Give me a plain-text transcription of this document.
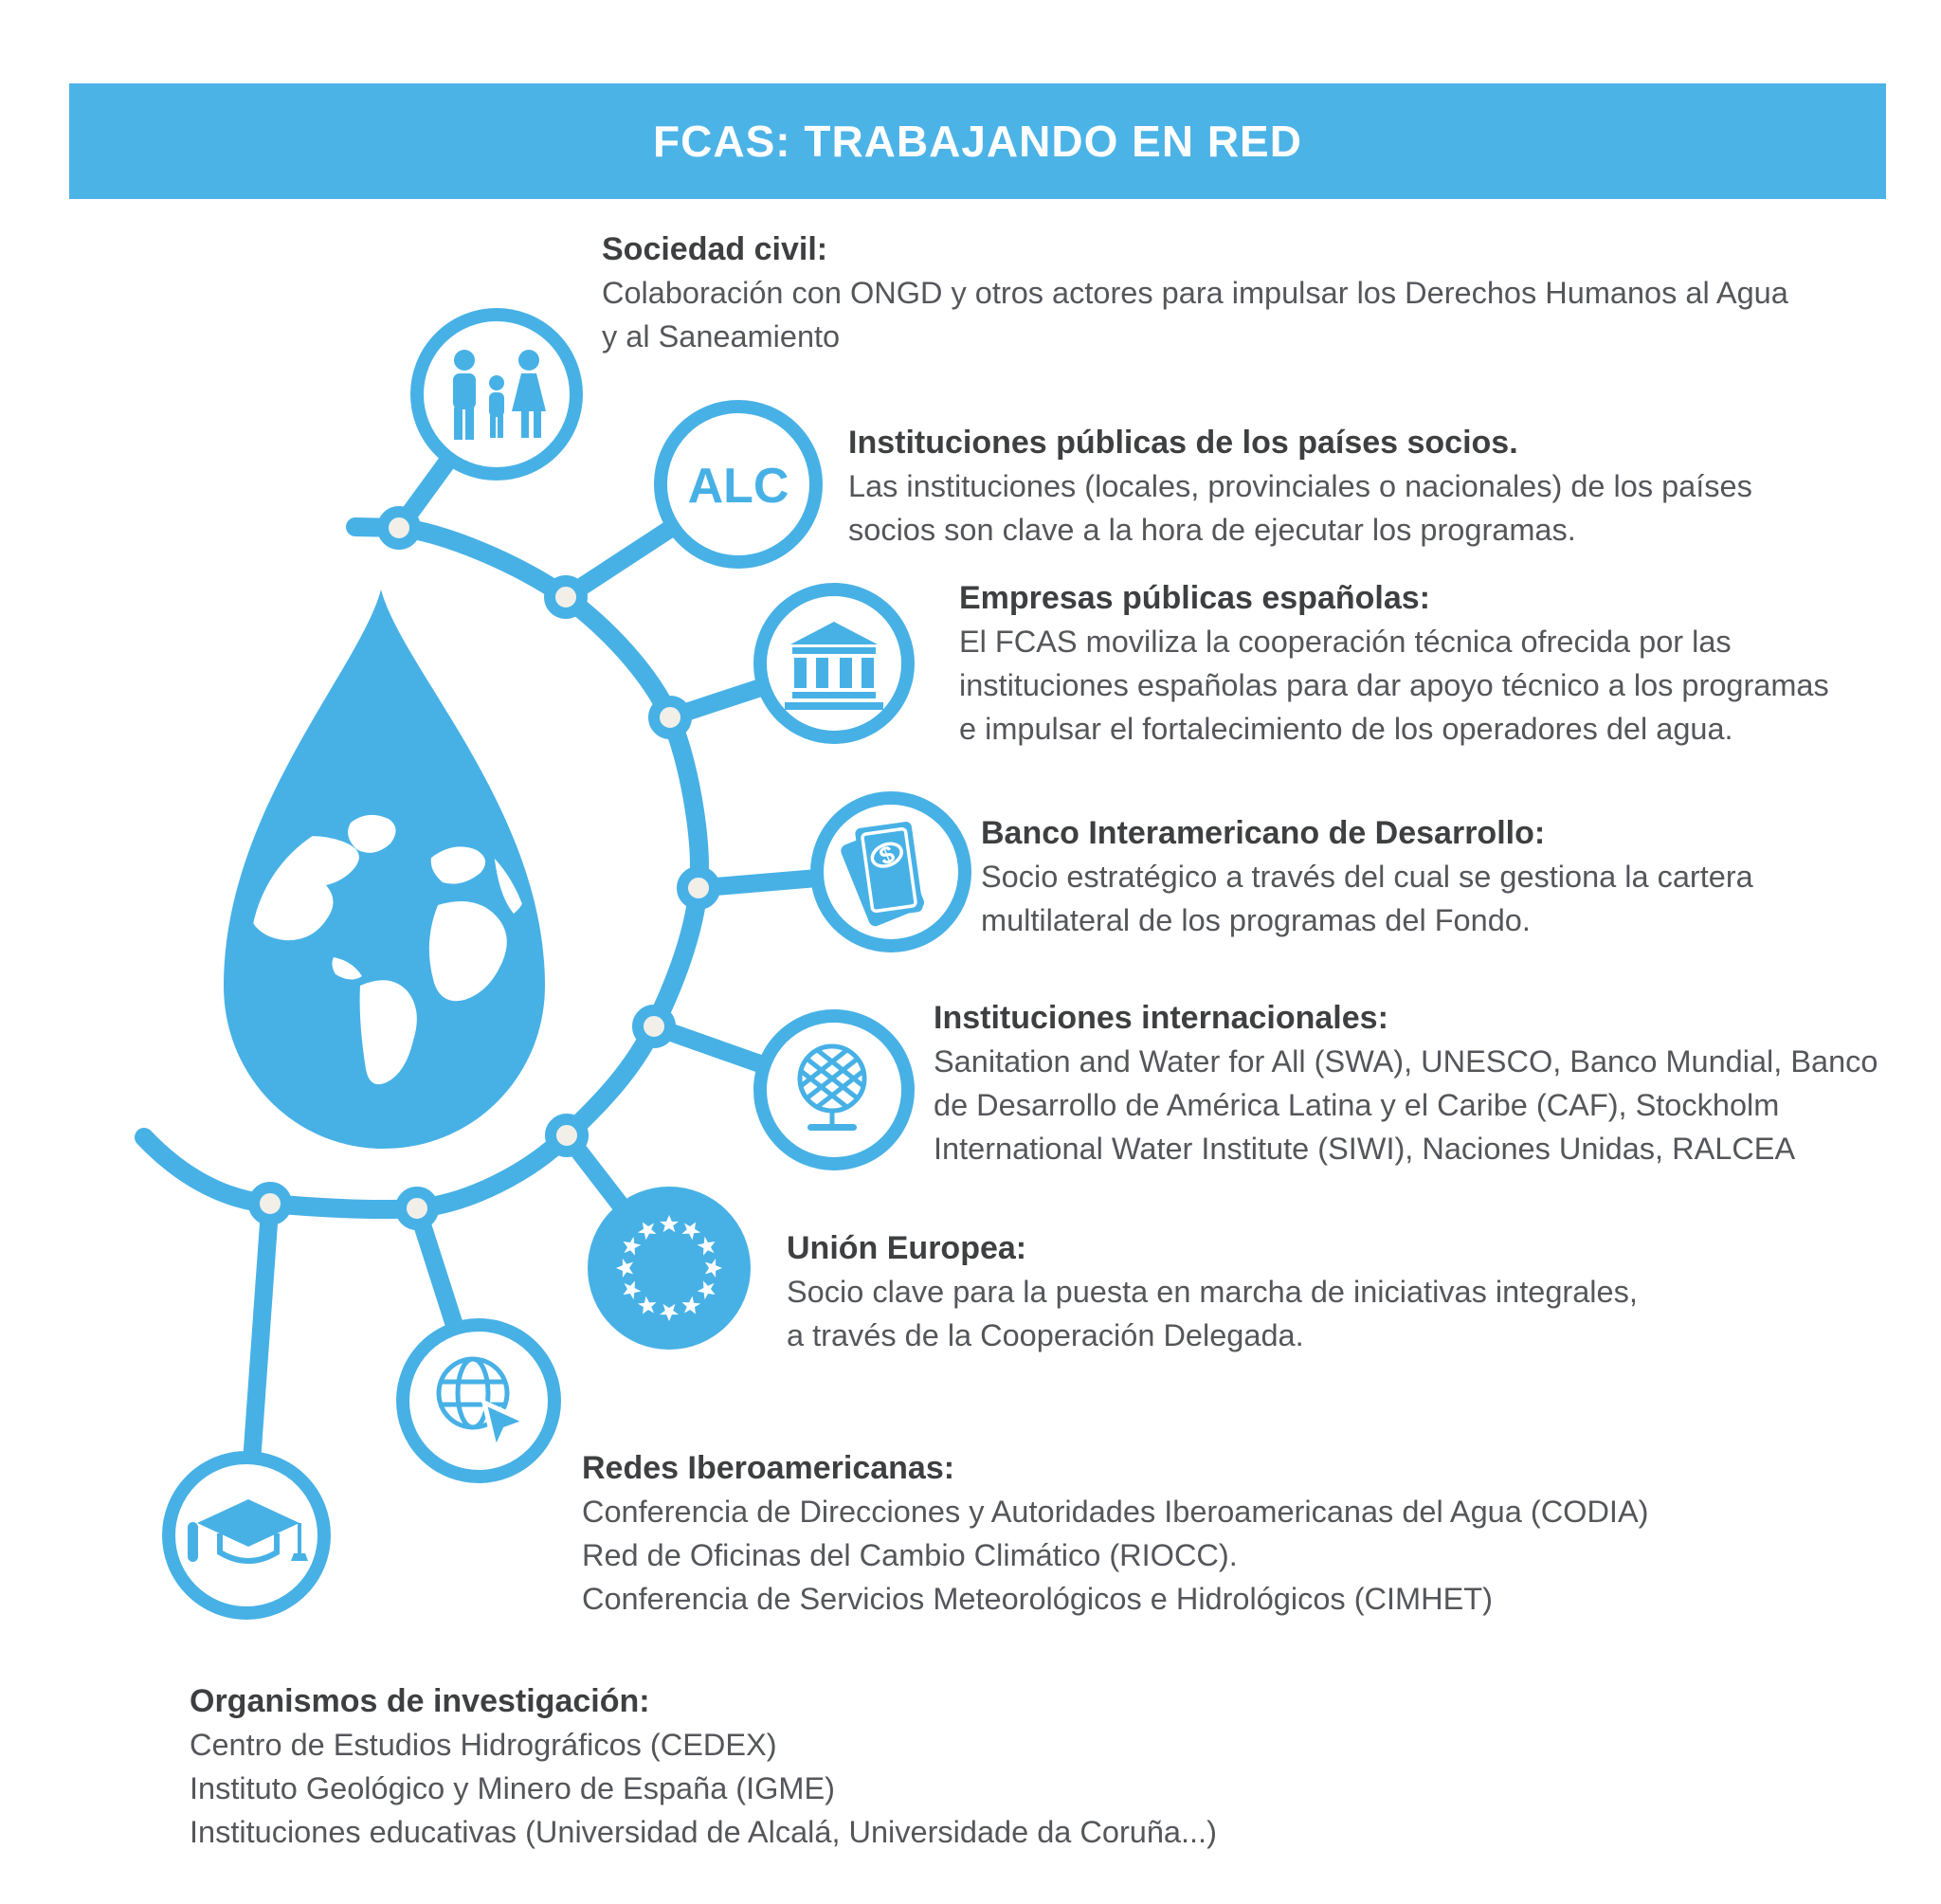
FCAS: TRABAJANDO EN RED
ALC
$
Sociedad civil:
Colaboración con ONGD y otros actores para impulsar los Derechos Humanos al Agua
y al Saneamiento
Instituciones públicas de los países socios.
Las instituciones (locales, provinciales o nacionales) de los países
socios son clave a la hora de ejecutar los programas.
Empresas públicas españolas:
El FCAS moviliza la cooperación técnica ofrecida por las
instituciones españolas para dar apoyo técnico a los programas
e impulsar el fortalecimiento de los operadores del agua.
Banco Interamericano de Desarrollo:
Socio estratégico a través del cual se gestiona la cartera
multilateral de los programas del Fondo.
Instituciones internacionales:
Sanitation and Water for All (SWA), UNESCO, Banco Mundial, Banco
de Desarrollo de América Latina y el Caribe (CAF), Stockholm
International Water Institute (SIWI), Naciones Unidas, RALCEA
Unión Europea:
Socio clave para la puesta en marcha de iniciativas integrales,
a través de la Cooperación Delegada.
Redes Iberoamericanas:
Conferencia de Direcciones y Autoridades Iberoamericanas del Agua (CODIA)
Red de Oficinas del Cambio Climático (RIOCC).
Conferencia de Servicios Meteorológicos e Hidrológicos (CIMHET)
Organismos de investigación:
Centro de Estudios Hidrográficos (CEDEX)
Instituto Geológico y Minero de España (IGME)
Instituciones educativas (Universidad de Alcalá, Universidade da Coruña...)
